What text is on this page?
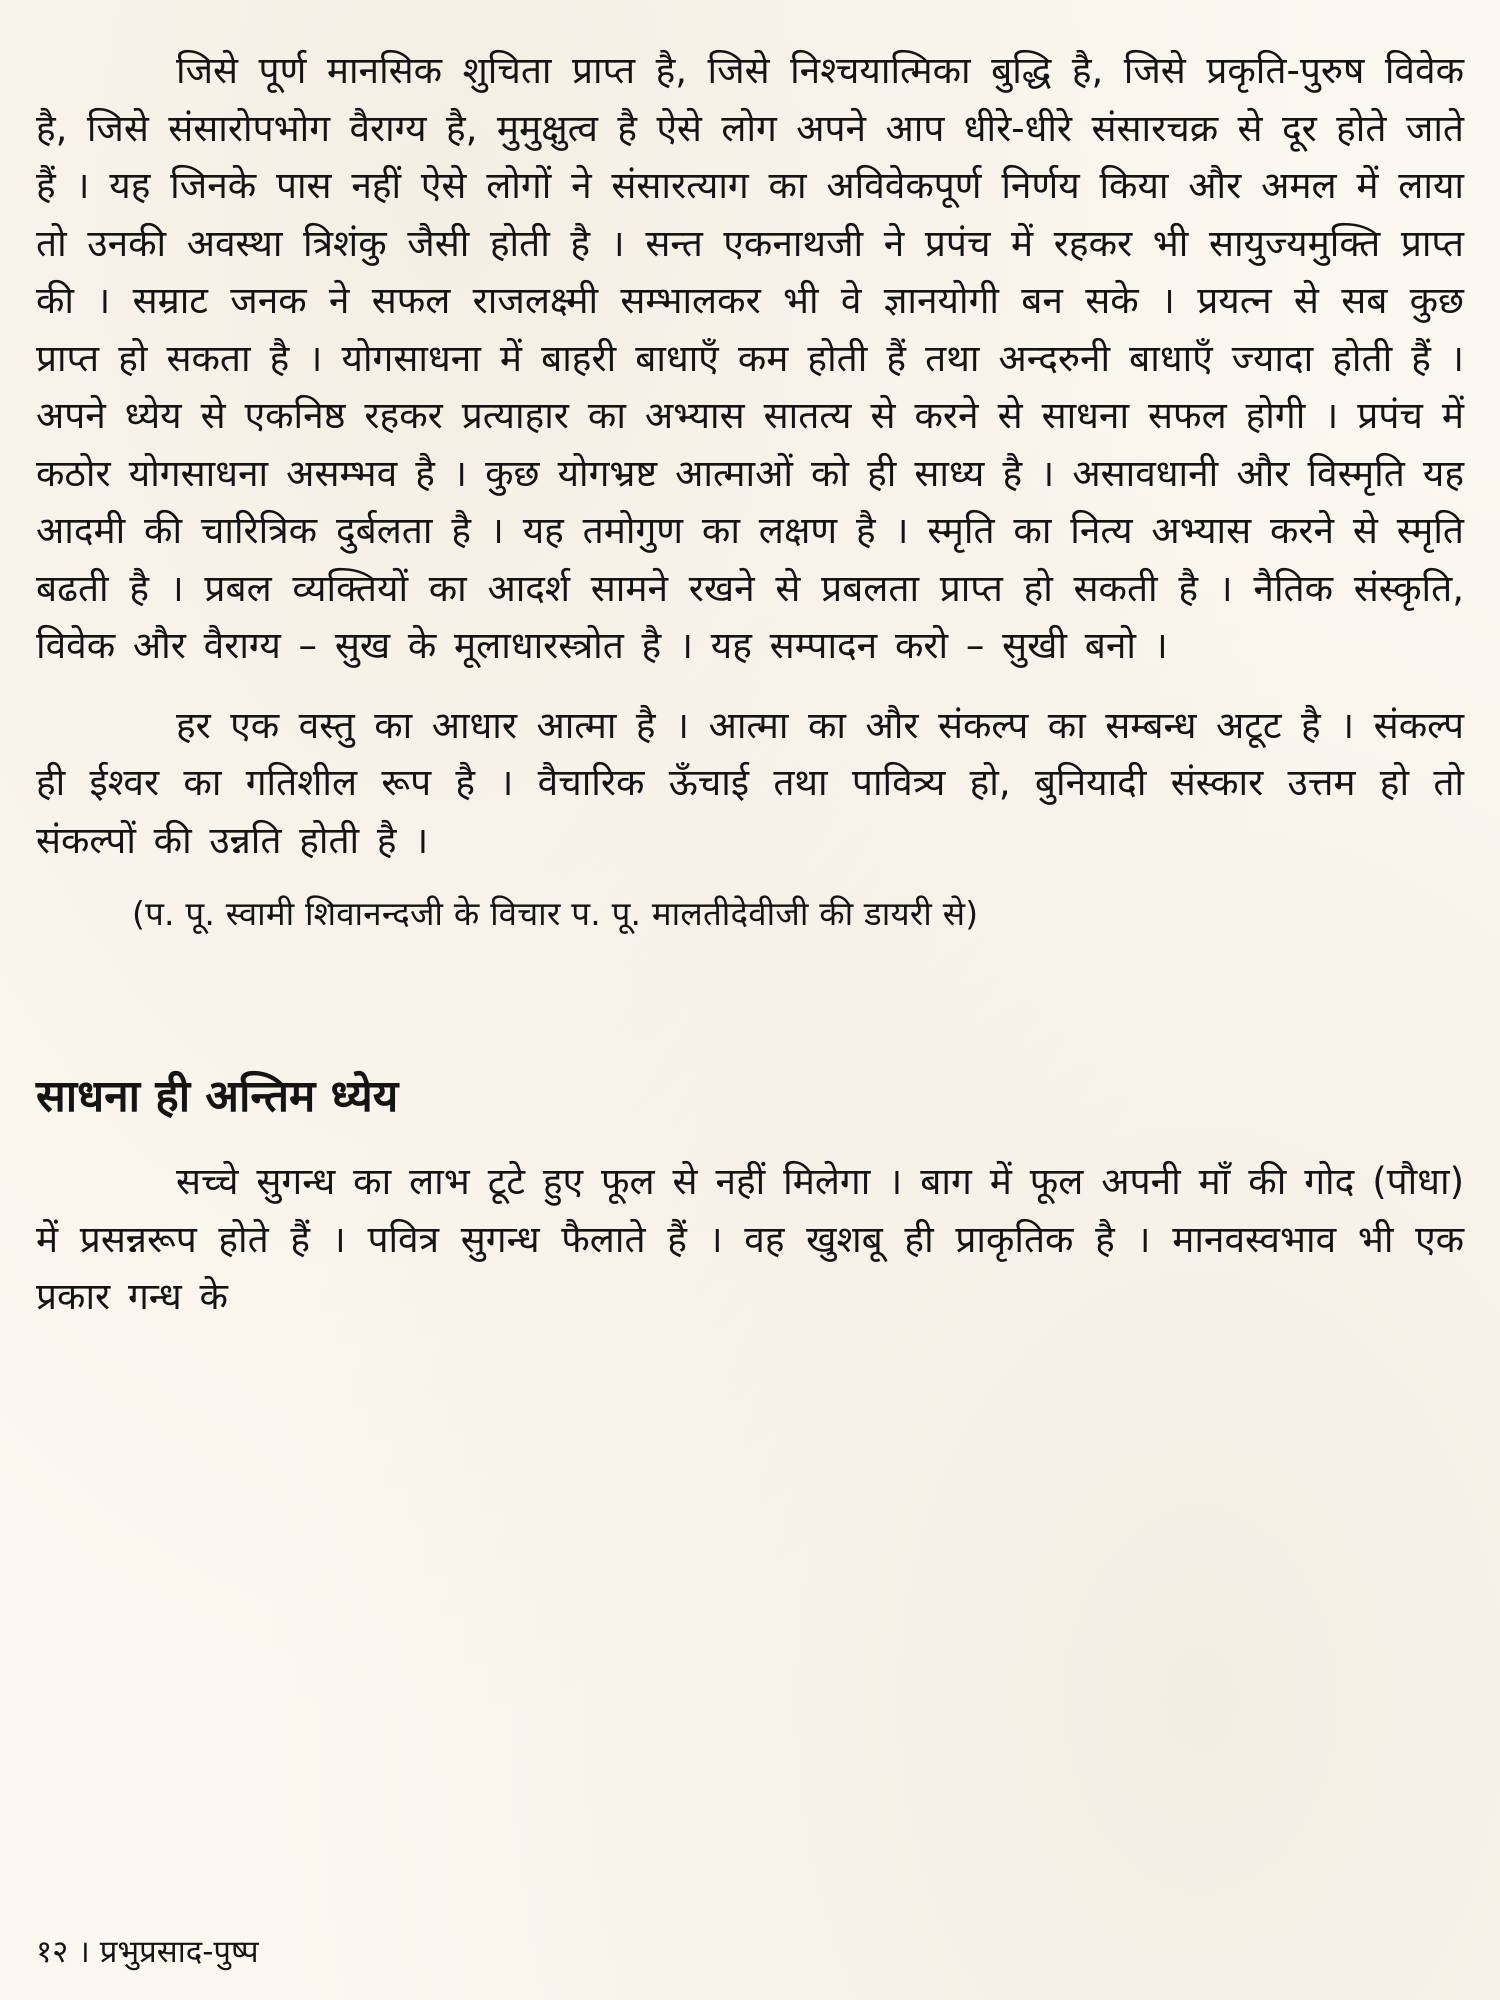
जिसे पूर्ण मानसिक शुचिता प्राप्त है, जिसे निश्चयात्मिका बुद्धि है, जिसे प्रकृति-पुरुष विवेक है, जिसे संसारोपभोग वैराग्य है, मुमुक्षुत्व है ऐसे लोग अपने आप धीरे-धीरे संसारचक्र से दूर होते जाते हैं । यह जिनके पास नहीं ऐसे लोगों ने संसारत्याग का अविवेकपूर्ण निर्णय किया और अमल में लाया तो उनकी अवस्था त्रिशंकु जैसी होती है । सन्त एकनाथजी ने प्रपंच में रहकर भी सायुज्यमुक्ति प्राप्त की । सम्राट जनक ने सफल राजलक्ष्मी सम्भालकर भी वे ज्ञानयोगी बन सके । प्रयत्न से सब कुछ प्राप्त हो सकता है । योगसाधना में बाहरी बाधाएँ कम होती हैं तथा अन्दरुनी बाधाएँ ज्यादा होती हैं । अपने ध्येय से एकनिष्ठ रहकर प्रत्याहार का अभ्यास सातत्य से करने से साधना सफल होगी । प्रपंच में कठोर योगसाधना असम्भव है । कुछ योगभ्रष्ट आत्माओं को ही साध्य है । असावधानी और विस्मृति यह आदमी की चारित्रिक दुर्बलता है । यह तमोगुण का लक्षण है । स्मृति का नित्य अभ्यास करने से स्मृति बढती है । प्रबल व्यक्तियों का आदर्श सामने रखने से प्रबलता प्राप्त हो सकती है । नैतिक संस्कृति, विवेक और वैराग्य – सुख के मूलाधारस्त्रोत है । यह सम्पादन करो – सुखी बनो ।

हर एक वस्तु का आधार आत्मा है । आत्मा का और संकल्प का सम्बन्ध अटूट है । संकल्प ही ईश्वर का गतिशील रूप है । वैचारिक ऊँचाई तथा पावित्र्य हो, बुनियादी संस्कार उत्तम हो तो संकल्पों की उन्नति होती है ।

(प. पू. स्वामी शिवानन्दजी के विचार प. पू. मालतीदेवीजी की डायरी से)

साधना ही अन्तिम ध्येय

सच्चे सुगन्ध का लाभ टूटे हुए फूल से नहीं मिलेगा । बाग में फूल अपनी माँ की गोद (पौधा) में प्रसन्नरूप होते हैं । पवित्र सुगन्ध फैलाते हैं । वह खुशबू ही प्राकृतिक है । मानवस्वभाव भी एक प्रकार गन्ध के

१२ । प्रभुप्रसाद-पुष्प
